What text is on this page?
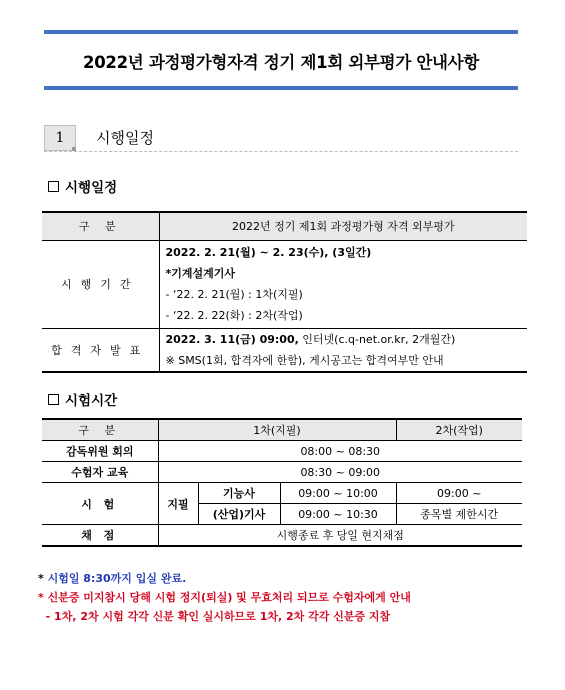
2022년 과정평가형자격 정기 제1회 외부평가 안내사항
1	시행일정
시행일정
구 분	2022년 정기 제1회 과정평가형 자격 외부평가
시행기간	2022. 2. 21(월) ~ 2. 23(수), (3일간)
*기계설계기사
- ‘22. 2. 21(월) : 1차(지필)
- ‘22. 2. 22(화) : 2차(작업)

합격자발표	2022. 3. 11(금) 09:00, 인터넷(c.q-net.or.kr, 2개월간)
※ SMS(1회, 합격자에 한함), 게시공고는 합격여부만 안내
시험시간
구 분	1차(지필)			2차(작업)
감독위원 회의	08:00 ~ 08:30			
수험자 교육	08:30 ~ 09:00			
시 험	지필	기능사	09:00 ~ 10:00	09:00 ~
		(산업)기사	09:00 ~ 10:30	종목별 제한시간
채 점	시행종료 후 당일 현지채점			
* 시험일 8:30까지 입실 완료.
* 신분증 미지참시 당해 시험 정지(퇴실) 및 무효처리 되므로 수험자에게 안내
- 1차, 2차 시험 각각 신분 확인 실시하므로 1차, 2차 각각 신분증 지참
